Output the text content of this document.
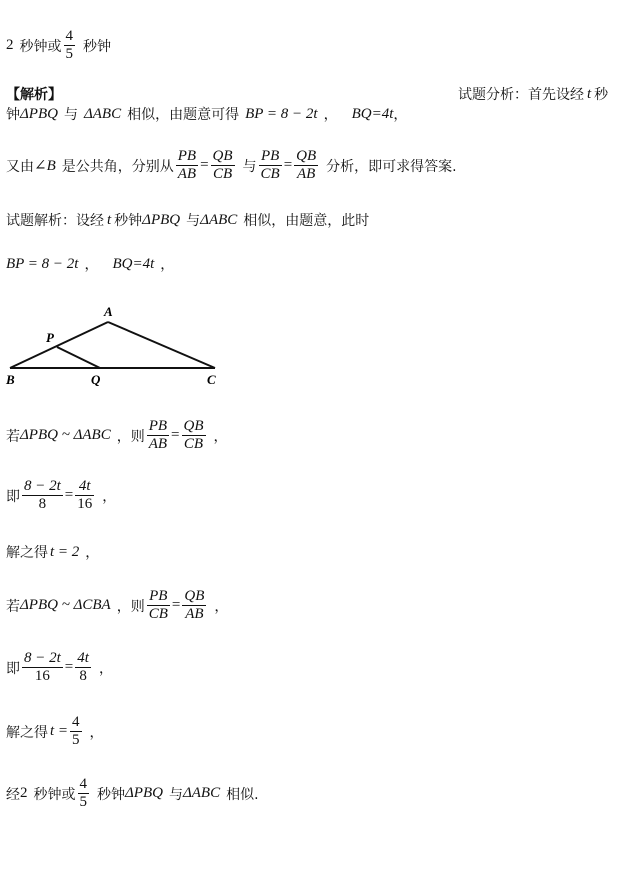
2 秒钟或 $\frac{4}{5}$ 秒钟
【解析】	试题分析：首先设经 t 秒
钟 ΔPBQ 与 ΔABC 相似，由题意可得 BP = 8 − 2t ， BQ=4t ，
又由 ∠B 是公共角，分别从 $\frac{PB}{AB} = \frac{QB}{CB}$ 与 $\frac{PB}{CB} = \frac{QB}{AB}$ 分析，即可求得答案.
试题解析：设经 t 秒钟 ΔPBQ 与 ΔABC 相似，由题意，此时
BP = 8 − 2t ， BQ=4t ，
A
P
B	Q	C
若 ΔPBQ ~ ΔABC ，则 $\frac{PB}{AB} = \frac{QB}{CB}$ ，
即 $\frac{8 - 2t}{8} = \frac{4t}{16}$ ，
解之得 t = 2 ，
若 ΔPBQ ~ ΔCBA ，则 $\frac{PB}{CB} = \frac{QB}{AB}$ ，
即 $\frac{8 - 2t}{16} = \frac{4t}{8}$ ，
解之得 $t = \frac{4}{5}$ ，
经 2 秒钟或 $\frac{4}{5}$ 秒钟 ΔPBQ 与 ΔABC 相似.
